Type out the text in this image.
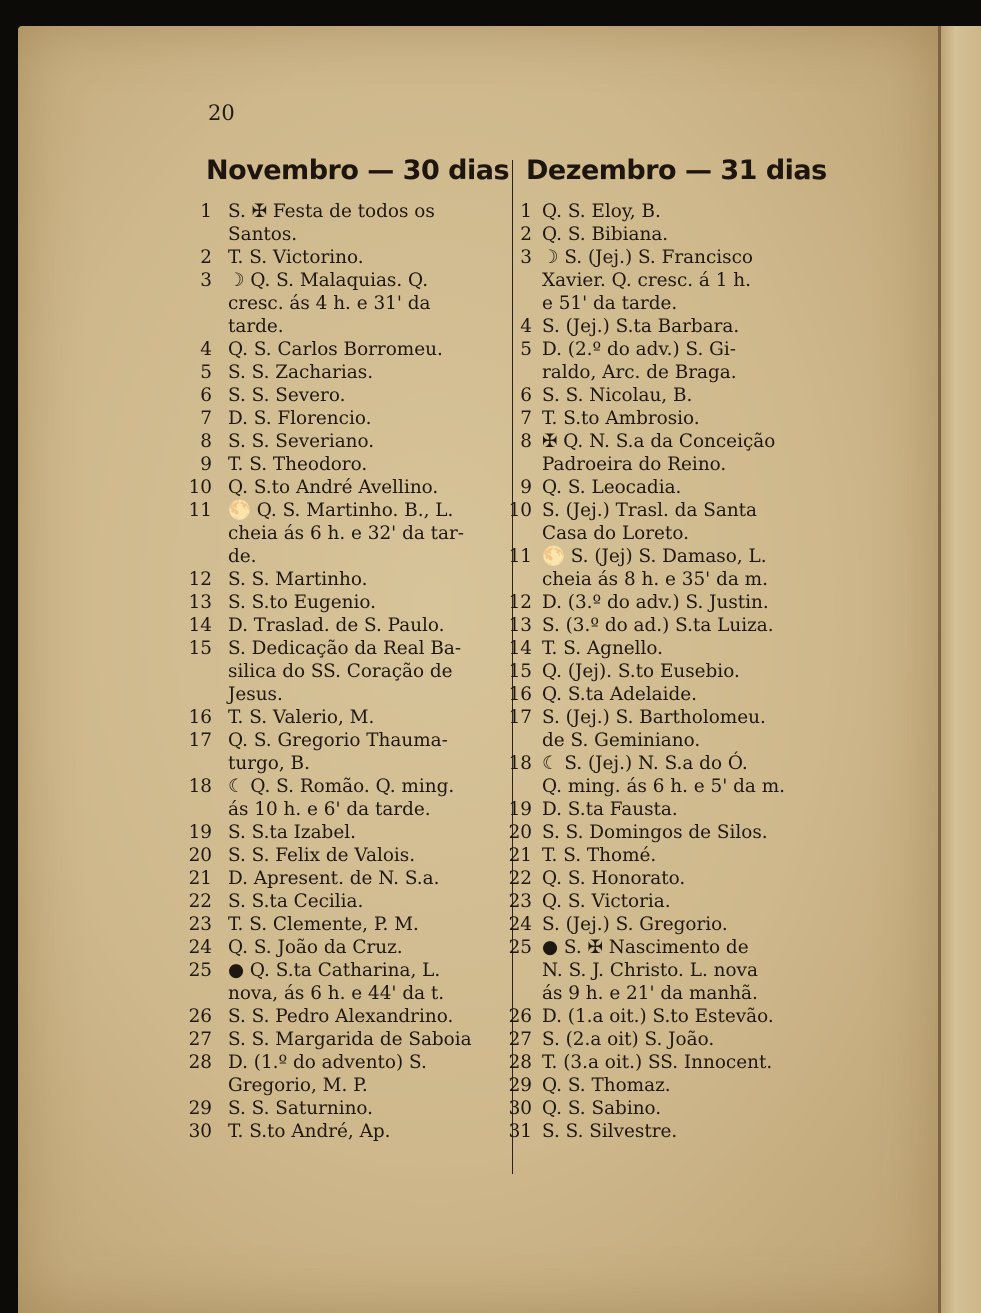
20
Novembro — 30 dias Dezembro — 31 dias
1 S. ✠ Festa de todos os
Santos.
2 T. S. Victorino.
3 ☽ Q. S. Malaquias. Q.
cresc. ás 4 h. e 31' da
tarde.
4 Q. S. Carlos Borromeu.
5 S. S. Zacharias.
6 S. S. Severo.
7 D. S. Florencio.
8 S. S. Severiano.
9 T. S. Theodoro.
10 Q. S.to André Avellino.
11 🌕 Q. S. Martinho. B., L.
cheia ás 6 h. e 32' da tar-
de.
12 S. S. Martinho.
13 S. S.to Eugenio.
14 D. Traslad. de S. Paulo.
15 S. Dedicação da Real Ba-
silica do SS. Coração de
Jesus.
16 T. S. Valerio, M.
17 Q. S. Gregorio Thauma-
turgo, B.
18 ☾ Q. S. Romão. Q. ming.
ás 10 h. e 6' da tarde.
19 S. S.ta Izabel.
20 S. S. Felix de Valois.
21 D. Apresent. de N. S.a.
22 S. S.ta Cecilia.
23 T. S. Clemente, P. M.
24 Q. S. João da Cruz.
25 ● Q. S.ta Catharina, L.
nova, ás 6 h. e 44' da t.
26 S. S. Pedro Alexandrino.
27 S. S. Margarida de Saboia
28 D. (1.º do advento) S.
Gregorio, M. P.
29 S. S. Saturnino.
30 T. S.to André, Ap.
1 Q. S. Eloy, B.
2 Q. S. Bibiana.
3 ☽ S. (Jej.) S. Francisco
Xavier. Q. cresc. á 1 h.
e 51' da tarde.
4 S. (Jej.) S.ta Barbara.
5 D. (2.º do adv.) S. Gi-
raldo, Arc. de Braga.
6 S. S. Nicolau, B.
7 T. S.to Ambrosio.
8 ✠ Q. N. S.a da Conceição
Padroeira do Reino.
9 Q. S. Leocadia.
10 S. (Jej.) Trasl. da Santa
Casa do Loreto.
11 🌕 S. (Jej) S. Damaso, L.
cheia ás 8 h. e 35' da m.
12 D. (3.º do adv.) S. Justin.
13 S. (3.º do ad.) S.ta Luiza.
14 T. S. Agnello.
15 Q. (Jej). S.to Eusebio.
16 Q. S.ta Adelaide.
17 S. (Jej.) S. Bartholomeu.
de S. Geminiano.
18 ☾ S. (Jej.) N. S.a do Ó.
Q. ming. ás 6 h. e 5' da m.
19 D. S.ta Fausta.
20 S. S. Domingos de Silos.
21 T. S. Thomé.
22 Q. S. Honorato.
23 Q. S. Victoria.
24 S. (Jej.) S. Gregorio.
25 ● S. ✠ Nascimento de
N. S. J. Christo. L. nova
ás 9 h. e 21' da manhã.
26 D. (1.a oit.) S.to Estevão.
27 S. (2.a oit) S. João.
28 T. (3.a oit.) SS. Innocent.
29 Q. S. Thomaz.
30 Q. S. Sabino.
31 S. S. Silvestre.
